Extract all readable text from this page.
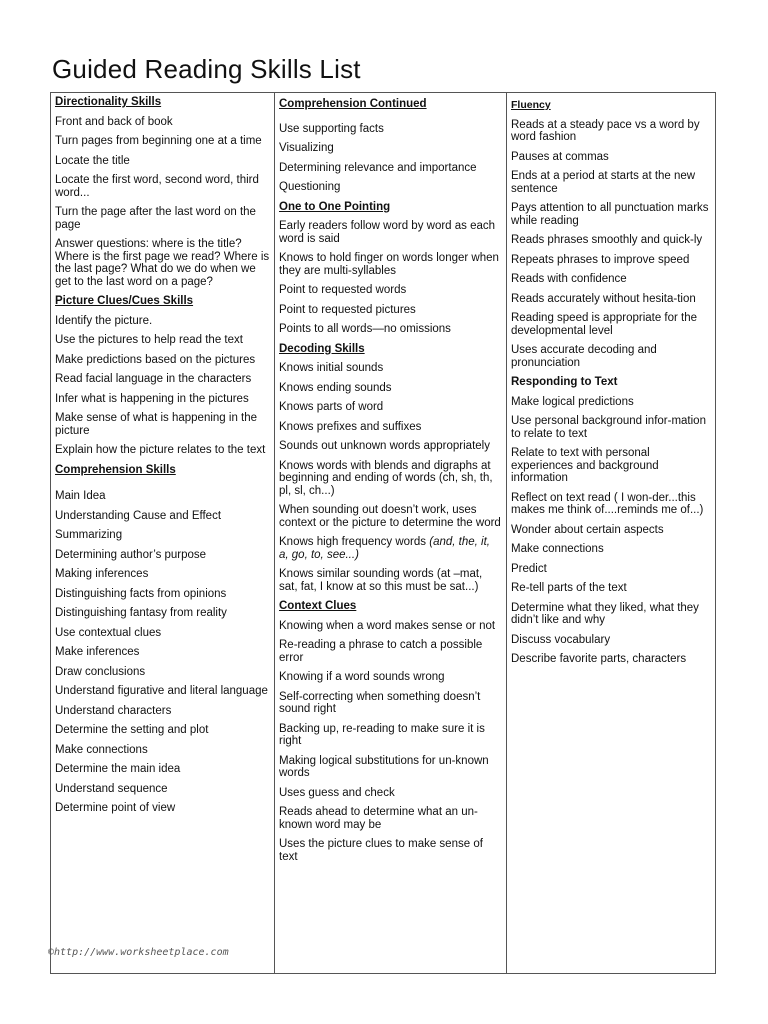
Guided Reading Skills List
Directionality Skills
Front and back of book
Turn pages from beginning one at a time
Locate the title
Locate the first word, second word, third word...
Turn the page after the last word on the page
Answer questions: where is the title? Where is the first page we read? Where is the last page? What do we do when we get to the last word on a page?
Picture Clues/Cues Skills
Identify the picture.
Use the pictures to help read the text
Make predictions based on the pictures
Read facial language in the characters
Infer what is happening in the pictures
Make sense of what is happening in the picture
Explain how the picture relates to the text
Comprehension Skills
Main Idea
Understanding Cause and Effect
Summarizing
Determining author’s purpose
Making inferences
Distinguishing facts from opinions
Distinguishing fantasy from reality
Use contextual clues
Make inferences
Draw conclusions
Understand figurative and literal language
Understand characters
Determine the setting and plot
Make connections
Determine the main idea
Understand sequence
Determine point of view
Comprehension Continued
Use supporting facts
Visualizing
Determining relevance and importance
Questioning
One to One Pointing
Early readers follow word by word as each word is said
Knows to hold finger on words longer when they are multi-syllables
Point to requested words
Point to requested pictures
Points to all words—no omissions
Decoding Skills
Knows initial sounds
Knows ending sounds
Knows parts of word
Knows prefixes and suffixes
Sounds out unknown words appropriately
Knows words with blends and digraphs at beginning and ending of words (ch, sh, th, pl, sl, ch...)
When sounding out doesn’t work, uses context or the picture to determine the word
Knows high frequency words (and, the, it, a, go, to, see...)
Knows similar sounding words (at –mat, sat, fat, I know at so this must be sat...)
Context Clues
Knowing when a word makes sense or not
Re-reading a phrase to catch a possible error
Knowing if a word sounds wrong
Self-correcting when something doesn’t sound right
Backing up, re-reading to make sure it is right
Making logical substitutions for un-known words
Uses guess and check
Reads ahead to determine what an un-known word may be
Uses the picture clues to make sense of text
Fluency
Reads at a steady pace vs a word by word fashion
Pauses at commas
Ends at a period at starts at the new sentence
Pays attention to all punctuation marks while reading
Reads phrases smoothly and quick-ly
Repeats phrases to improve speed
Reads with confidence
Reads accurately without hesita-tion
Reading speed is appropriate for the developmental level
Uses accurate decoding and pronunciation
Responding to Text
Make logical predictions
Use personal background infor-mation to relate to text
Relate to text with personal experiences and background information
Reflect on text read ( I won-der...this makes me think of....reminds me of...)
Wonder about certain aspects
Make connections
Predict
Re-tell parts of the text
Determine what they liked, what they didn’t like and why
Discuss vocabulary
Describe favorite parts, characters
©http://www.worksheetplace.com
